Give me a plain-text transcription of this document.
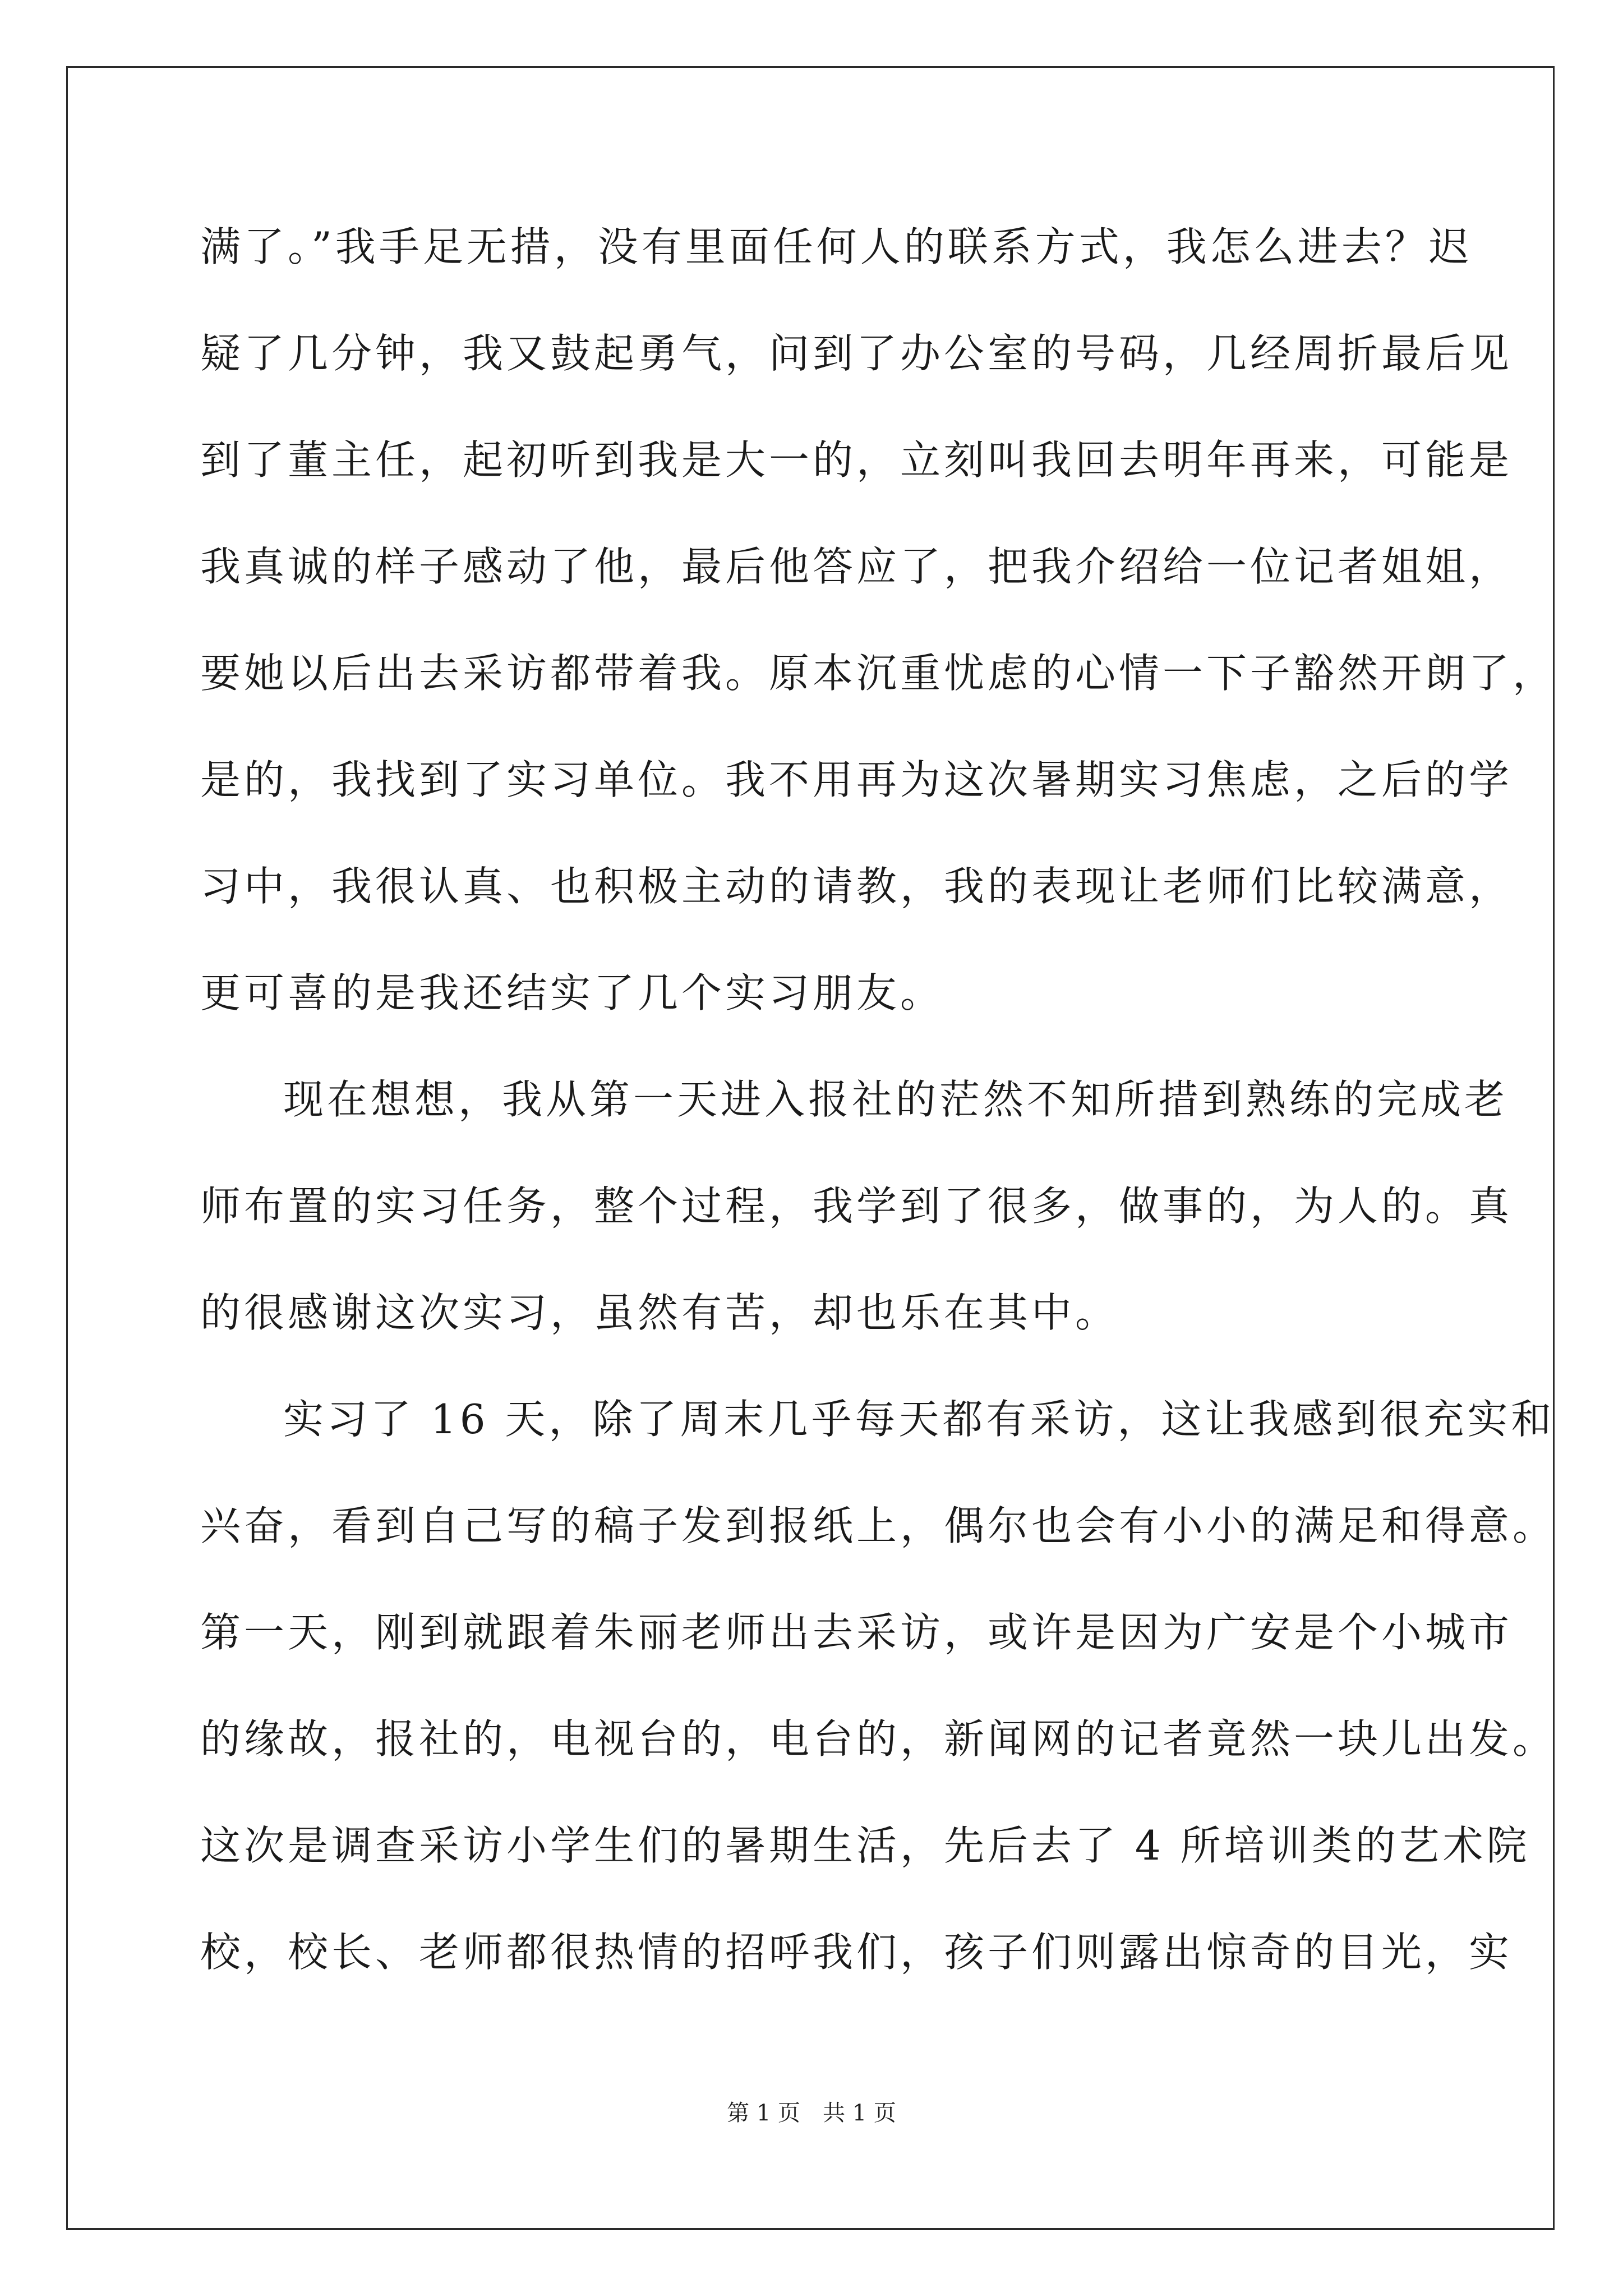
满了。”我手足无措，没有里面任何人的联系方式，我怎么进去？迟
疑了几分钟，我又鼓起勇气，问到了办公室的号码，几经周折最后见
到了董主任，起初听到我是大一的，立刻叫我回去明年再来，可能是
我真诚的样子感动了他，最后他答应了，把我介绍给一位记者姐姐，
要她以后出去采访都带着我。原本沉重忧虑的心情一下子豁然开朗了，
是的，我找到了实习单位。我不用再为这次暑期实习焦虑，之后的学
习中，我很认真、也积极主动的请教，我的表现让老师们比较满意，
更可喜的是我还结实了几个实习朋友。
现在想想，我从第一天进入报社的茫然不知所措到熟练的完成老
师布置的实习任务，整个过程，我学到了很多，做事的，为人的。真
的很感谢这次实习，虽然有苦，却也乐在其中。
实习了 16 天，除了周末几乎每天都有采访，这让我感到很充实和
兴奋，看到自己写的稿子发到报纸上，偶尔也会有小小的满足和得意。
第一天，刚到就跟着朱丽老师出去采访，或许是因为广安是个小城市
的缘故，报社的，电视台的，电台的，新闻网的记者竟然一块儿出发。
这次是调查采访小学生们的暑期生活，先后去了 4 所培训类的艺术院
校，校长、老师都很热情的招呼我们，孩子们则露出惊奇的目光，实
第 1 页　共 1 页
